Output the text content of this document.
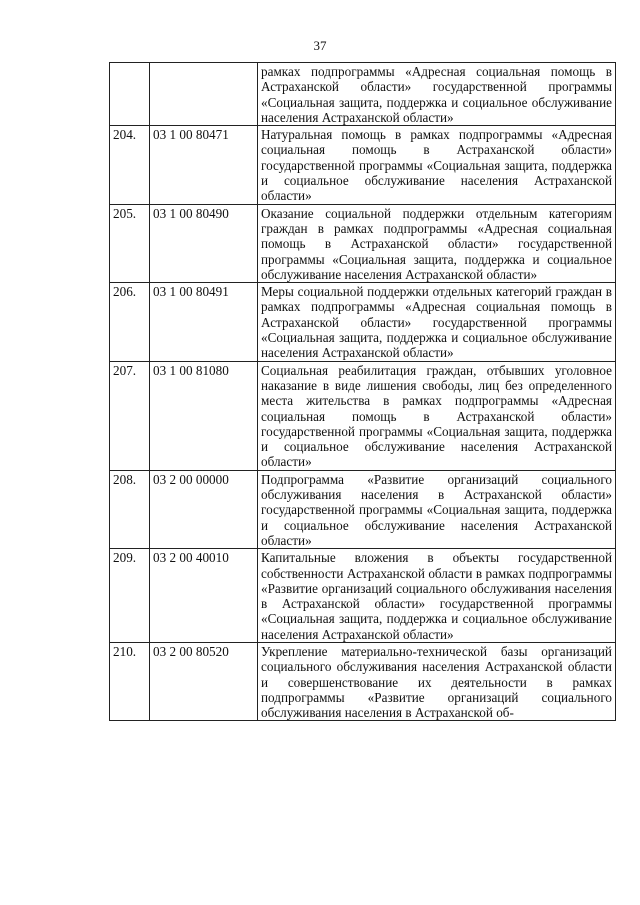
37
		рамках подпрограммы «Адресная социальная помощь в Астраханской области» государственной программы «Социальная защита, поддержка и социальное обслуживание населения Астраханской области»
204.	03 1 00 80471	Натуральная помощь в рамках подпрограммы «Адресная социальная помощь в Астраханской области» государственной программы «Социальная защита, поддержка и социальное обслуживание населения Астраханской области»
205.	03 1 00 80490	Оказание социальной поддержки отдельным категориям граждан в рамках подпрограммы «Адресная социальная помощь в Астраханской области» государственной программы «Социальная защита, поддержка и социальное обслуживание населения Астраханской области»
206.	03 1 00 80491	Меры социальной поддержки отдельных категорий граждан в рамках подпрограммы «Адресная социальная помощь в Астраханской области» государственной программы «Социальная защита, поддержка и социальное обслуживание населения Астраханской области»
207.	03 1 00 81080	Социальная реабилитация граждан, отбывших уголовное наказание в виде лишения свободы, лиц без определенного места жительства в рамках подпрограммы «Адресная социальная помощь в Астраханской области» государственной программы «Социальная защита, поддержка и социальное обслуживание населения Астраханской области»
208.	03 2 00 00000	Подпрограмма «Развитие организаций социального обслуживания населения в Астраханской области» государственной программы «Социальная защита, поддержка и социальное обслуживание населения Астраханской области»
209.	03 2 00 40010	Капитальные вложения в объекты государственной собственности Астраханской области в рамках подпрограммы «Развитие организаций социального обслуживания населения в Астраханской области» государственной программы «Социальная защита, поддержка и социальное обслуживание населения Астраханской области»
210.	03 2 00 80520	Укрепление материально-технической базы организаций социального обслуживания населения Астраханской области и совершенствование их деятельности в рамках подпрограммы «Развитие организаций социального обслуживания населения в Астраханской об-
